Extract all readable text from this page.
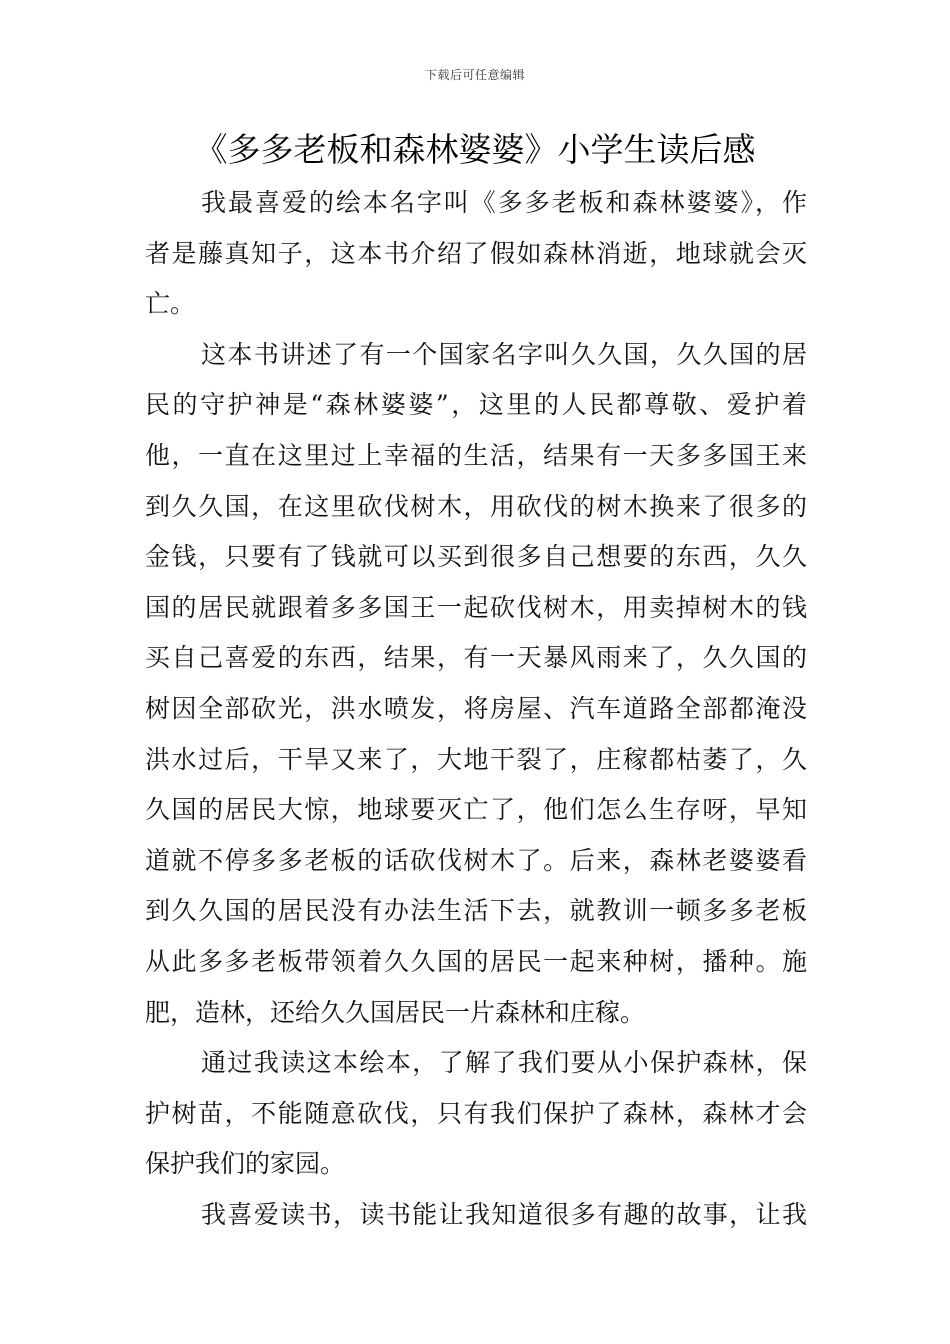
下载后可任意编辑
《多多老板和森林婆婆》小学生读后感
我最喜爱的绘本名字叫《多多老板和森林婆婆》，作
者是藤真知子，这本书介绍了假如森林消逝，地球就会灭
亡。
这本书讲述了有一个国家名字叫久久国，久久国的居
民的守护神是“森林婆婆”，这里的人民都尊敬、爱护着
他，一直在这里过上幸福的生活，结果有一天多多国王来
到久久国，在这里砍伐树木，用砍伐的树木换来了很多的
金钱，只要有了钱就可以买到很多自己想要的东西，久久
国的居民就跟着多多国王一起砍伐树木，用卖掉树木的钱
买自己喜爱的东西，结果，有一天暴风雨来了，久久国的
树因全部砍光，洪水喷发，将房屋、汽车道路全部都淹没
洪水过后，干旱又来了，大地干裂了，庄稼都枯萎了，久
久国的居民大惊，地球要灭亡了，他们怎么生存呀，早知
道就不停多多老板的话砍伐树木了。后来，森林老婆婆看
到久久国的居民没有办法生活下去，就教训一顿多多老板
从此多多老板带领着久久国的居民一起来种树，播种。施
肥，造林，还给久久国居民一片森林和庄稼。
通过我读这本绘本，了解了我们要从小保护森林，保
护树苗，不能随意砍伐，只有我们保护了森林，森林才会
保护我们的家园。
我喜爱读书，读书能让我知道很多有趣的故事，让我
